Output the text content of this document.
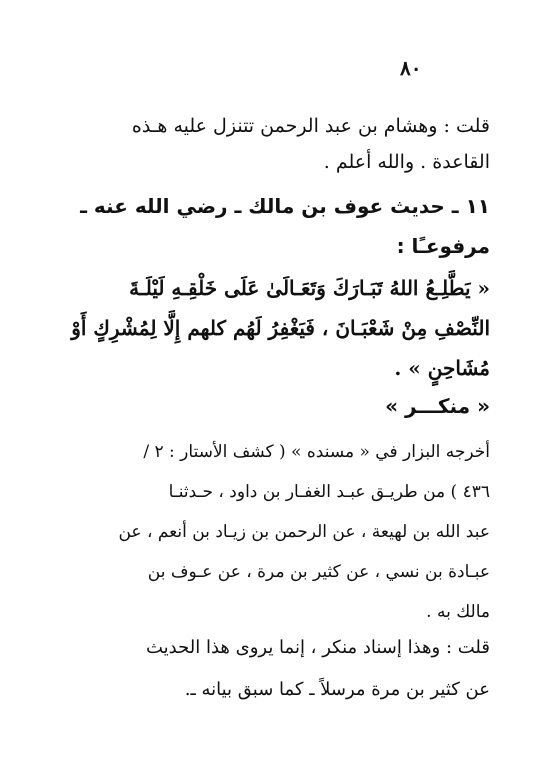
٨٠
قلت : وهشام بن عبد الرحمن تتنزل عليه هـذه
القاعدة . والله أعلم .
١١ ـ حديث عوف بن مالك ـ رضي الله عنه ـ
مرفوعـًا :
« يَطَّلِـعُ اللهُ تَبَـارَكَ وَتَعَـالَىٰ عَلَى خَلْقِـهِ لَيْلَـةَ
النِّصْفِ مِنْ شَعْبَـانَ ، فَيَغْفِرُ لَهُم كلهم إِلَّا لِمُشْرِكٍ أَوْ
مُشَاحِنٍ » .
« منكـــر »
أخرجه البزار في « مسنده » ( كشف الأستار : ٢ /
٤٣٦ ) من طريـق عبـد الغفـار بن داود ، حـدثنـا
عبد الله بن لهيعة ، عن الرحمن بن زيـاد بن أنعم ، عن
عبـادة بن نسي ، عن كثير بن مرة ، عن عـوف بن
مالك به .
قلت : وهذا إسناد منكر ، إنما يروى هذا الحديث
عن كثير بن مرة مرسلاً ـ كما سبق بيانه ـ.
